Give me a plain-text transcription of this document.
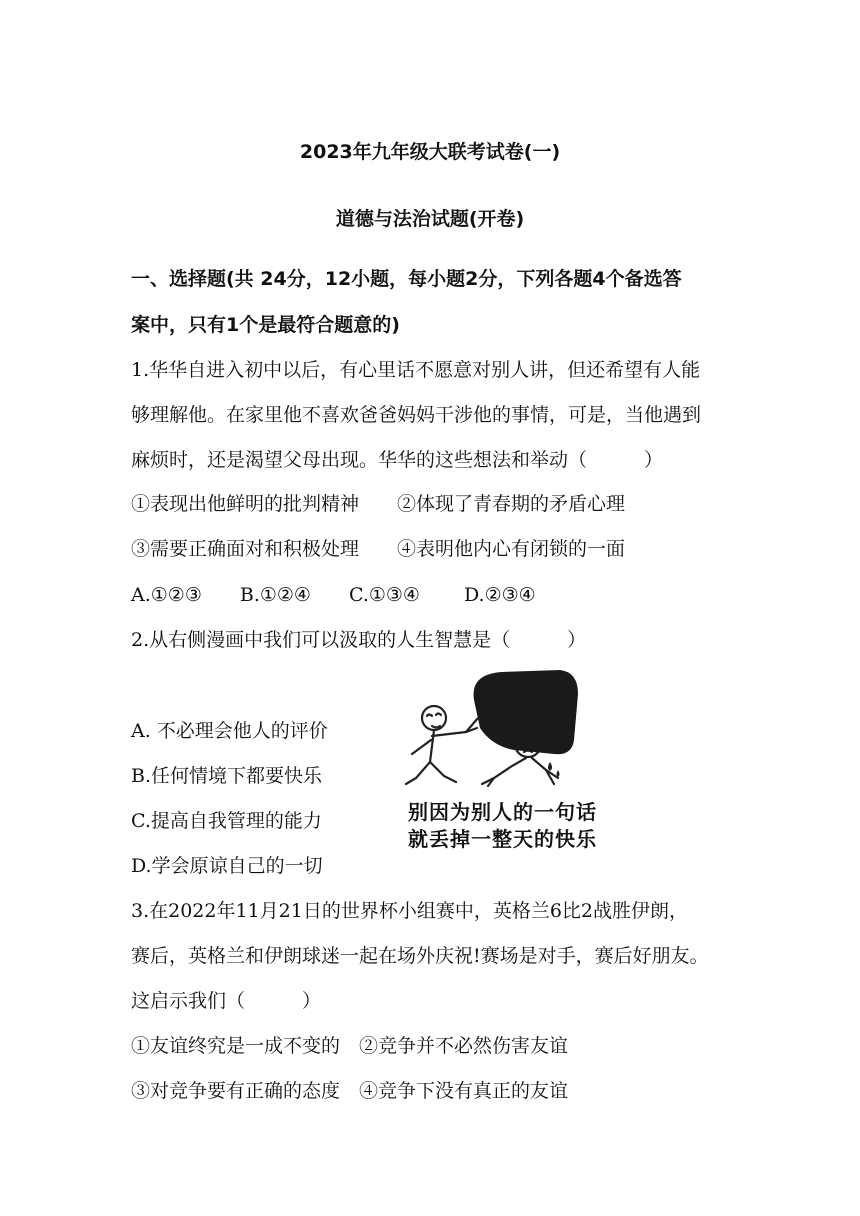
2023年九年级大联考试卷(一)
道德与法治试题(开卷)
一、选择题(共 24分，12小题，每小题2分，下列各题4个备选答
案中，只有1个是最符合题意的)
1.华华自进入初中以后，有心里话不愿意对别人讲，但还希望有人能
够理解他。在家里他不喜欢爸爸妈妈干涉他的事情，可是，当他遇到
麻烦时，还是渴望父母出现。华华的这些想法和举动（　　　）
①表现出他鲜明的批判精神　　②体现了青春期的矛盾心理
③需要正确面对和积极处理　　④表明他内心有闭锁的一面
A.①②③　　B.①②④　　C.①③④　　 D.②③④
2.从右侧漫画中我们可以汲取的人生智慧是（　　　）
A. 不必理会他人的评价
B.任何情境下都要快乐
C.提高自我管理的能力
D.学会原谅自己的一切
别因为别人的一句话
就丢掉一整天的快乐
3.在2022年11月21日的世界杯小组赛中，英格兰6比2战胜伊朗，
赛后，英格兰和伊朗球迷一起在场外庆祝!赛场是对手，赛后好朋友。
这启示我们（　　　）
①友谊终究是一成不变的　②竞争并不必然伤害友谊
③对竞争要有正确的态度　④竞争下没有真正的友谊
